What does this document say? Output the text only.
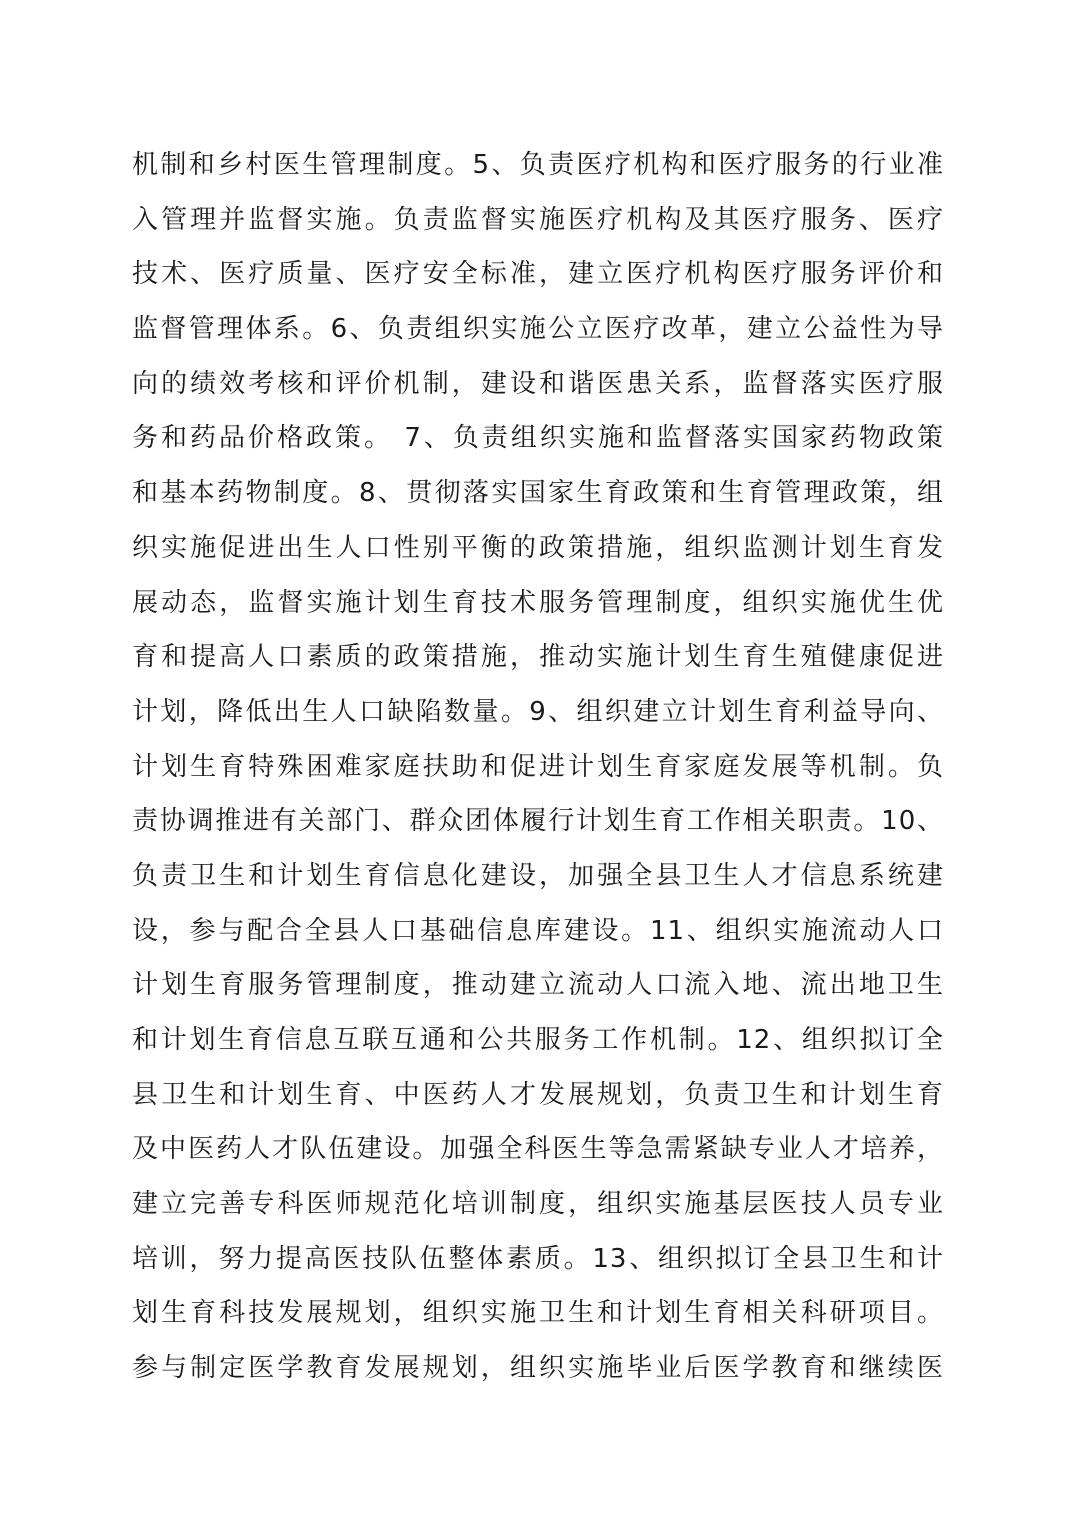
机制和乡村医生管理制度。5、负责医疗机构和医疗服务的行业准
入管理并监督实施。负责监督实施医疗机构及其医疗服务、医疗
技术、医疗质量、医疗安全标准，建立医疗机构医疗服务评价和
监督管理体系。6、负责组织实施公立医疗改革，建立公益性为导
向的绩效考核和评价机制，建设和谐医患关系，监督落实医疗服
务和药品价格政策。 7、负责组织实施和监督落实国家药物政策
和基本药物制度。8、贯彻落实国家生育政策和生育管理政策，组
织实施促进出生人口性别平衡的政策措施，组织监测计划生育发
展动态，监督实施计划生育技术服务管理制度，组织实施优生优
育和提高人口素质的政策措施，推动实施计划生育生殖健康促进
计划，降低出生人口缺陷数量。9、组织建立计划生育利益导向、
计划生育特殊困难家庭扶助和促进计划生育家庭发展等机制。负
责协调推进有关部门、群众团体履行计划生育工作相关职责。10、
负责卫生和计划生育信息化建设，加强全县卫生人才信息系统建
设，参与配合全县人口基础信息库建设。11、组织实施流动人口
计划生育服务管理制度，推动建立流动人口流入地、流出地卫生
和计划生育信息互联互通和公共服务工作机制。12、组织拟订全
县卫生和计划生育、中医药人才发展规划，负责卫生和计划生育
及中医药人才队伍建设。加强全科医生等急需紧缺专业人才培养，
建立完善专科医师规范化培训制度，组织实施基层医技人员专业
培训，努力提高医技队伍整体素质。13、组织拟订全县卫生和计
划生育科技发展规划，组织实施卫生和计划生育相关科研项目。
参与制定医学教育发展规划，组织实施毕业后医学教育和继续医
